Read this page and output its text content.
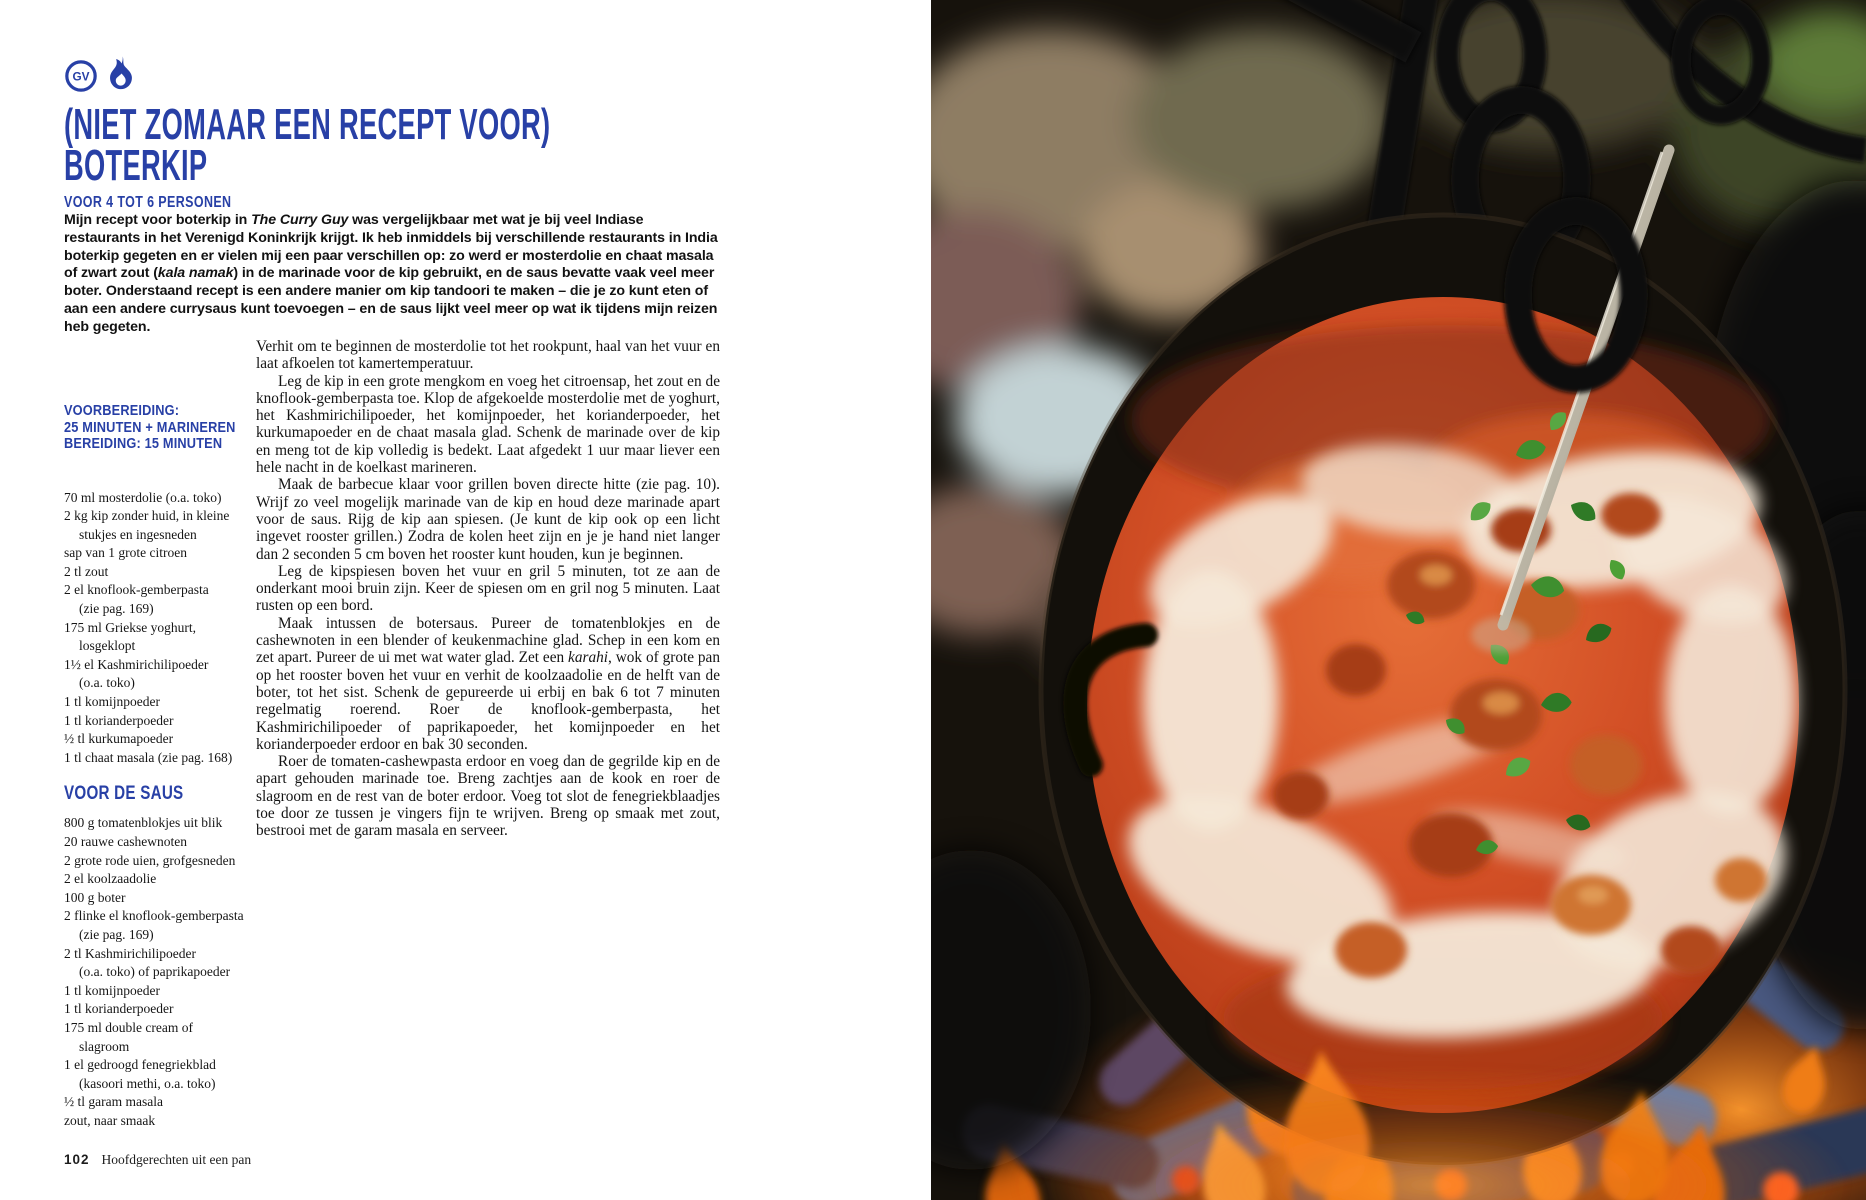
GV
(NIET ZOMAAR EEN RECEPT VOOR)
BOTERKIP
VOOR 4 TOT 6 PERSONEN
Mijn recept voor boterkip in The Curry Guy was vergelijkbaar met wat je bij veel Indiase restaurants in het Verenigd Koninkrijk krijgt. Ik heb inmiddels bij verschillende restaurants in India boterkip gegeten en er vielen mij een paar verschillen op: zo werd er mosterdolie en chaat masala of zwart zout (kala namak) in de marinade voor de kip gebruikt, en de saus bevatte vaak veel meer boter. Onderstaand recept is een andere manier om kip tandoori te maken – die je zo kunt eten of aan een andere currysaus kunt toevoegen – en de saus lijkt veel meer op wat ik tijdens mijn reizen heb gegeten.
VOORBEREIDING:
25 MINUTEN + MARINEREN
BEREIDING: 15 MINUTEN
70 ml mosterdolie (o.a. toko)
2 kg kip zonder huid, in kleine
stukjes en ingesneden
sap van 1 grote citroen
2 tl zout
2 el knoflook-gemberpasta
(zie pag. 169)
175 ml Griekse yoghurt,
losgeklopt
1½ el Kashmirichilipoeder
(o.a. toko)
1 tl komijnpoeder
1 tl korianderpoeder
½ tl kurkumapoeder
1 tl chaat masala (zie pag. 168)
VOOR DE SAUS
800 g tomatenblokjes uit blik
20 rauwe cashewnoten
2 grote rode uien, grofgesneden
2 el koolzaadolie
100 g boter
2 flinke el knoflook-gemberpasta
(zie pag. 169)
2 tl Kashmirichilipoeder
(o.a. toko) of paprikapoeder
1 tl komijnpoeder
1 tl korianderpoeder
175 ml double cream of
slagroom
1 el gedroogd fenegriekblad
(kasoori methi, o.a. toko)
½ tl garam masala
zout, naar smaak

Verhit om te beginnen de mosterdolie tot het rookpunt, haal van het vuur en laat afkoelen tot kamertemperatuur.

Leg de kip in een grote mengkom en voeg het citroensap, het zout en de knoflook-gemberpasta toe. Klop de afgekoelde mosterdolie met de yoghurt, het Kashmirichilipoeder, het komijnpoeder, het korianderpoeder, het kurkumapoeder en de chaat masala glad. Schenk de marinade over de kip en meng tot de kip volledig is bedekt. Laat afgedekt 1 uur maar liever een hele nacht in de koelkast marineren.

Maak de barbecue klaar voor grillen boven directe hitte (zie pag. 10). Wrijf zo veel mogelijk marinade van de kip en houd deze marinade apart voor de saus. Rijg de kip aan spiesen. (Je kunt de kip ook op een licht ingevet rooster grillen.) Zodra de kolen heet zijn en je je hand niet langer dan 2 seconden 5 cm boven het rooster kunt houden, kun je beginnen.

Leg de kipspiesen boven het vuur en gril 5 minuten, tot ze aan de onderkant mooi bruin zijn. Keer de spiesen om en gril nog 5 minuten. Laat rusten op een bord.

Maak intussen de botersaus. Pureer de tomatenblokjes en de cashewnoten in een blender of keukenmachine glad. Schep in een kom en zet apart. Pureer de ui met wat water glad. Zet een karahi, wok of grote pan op het rooster boven het vuur en verhit de koolzaadolie en de helft van de boter, tot het sist. Schenk de gepureerde ui erbij en bak 6 tot 7 minuten regelmatig roerend. Roer de knoflook-gemberpasta, het Kashmirichilipoeder of paprikapoeder, het komijnpoeder en het korianderpoeder erdoor en bak 30 seconden.

Roer de tomaten-cashewpasta erdoor en voeg dan de gegrilde kip en de apart gehouden marinade toe. Breng zachtjes aan de kook en roer de slagroom en de rest van de boter erdoor. Voeg tot slot de fenegriekblaadjes toe door ze tussen je vingers fijn te wrijven. Breng op smaak met zout, bestrooi met de garam masala en serveer.

102 Hoofdgerechten uit een pan
